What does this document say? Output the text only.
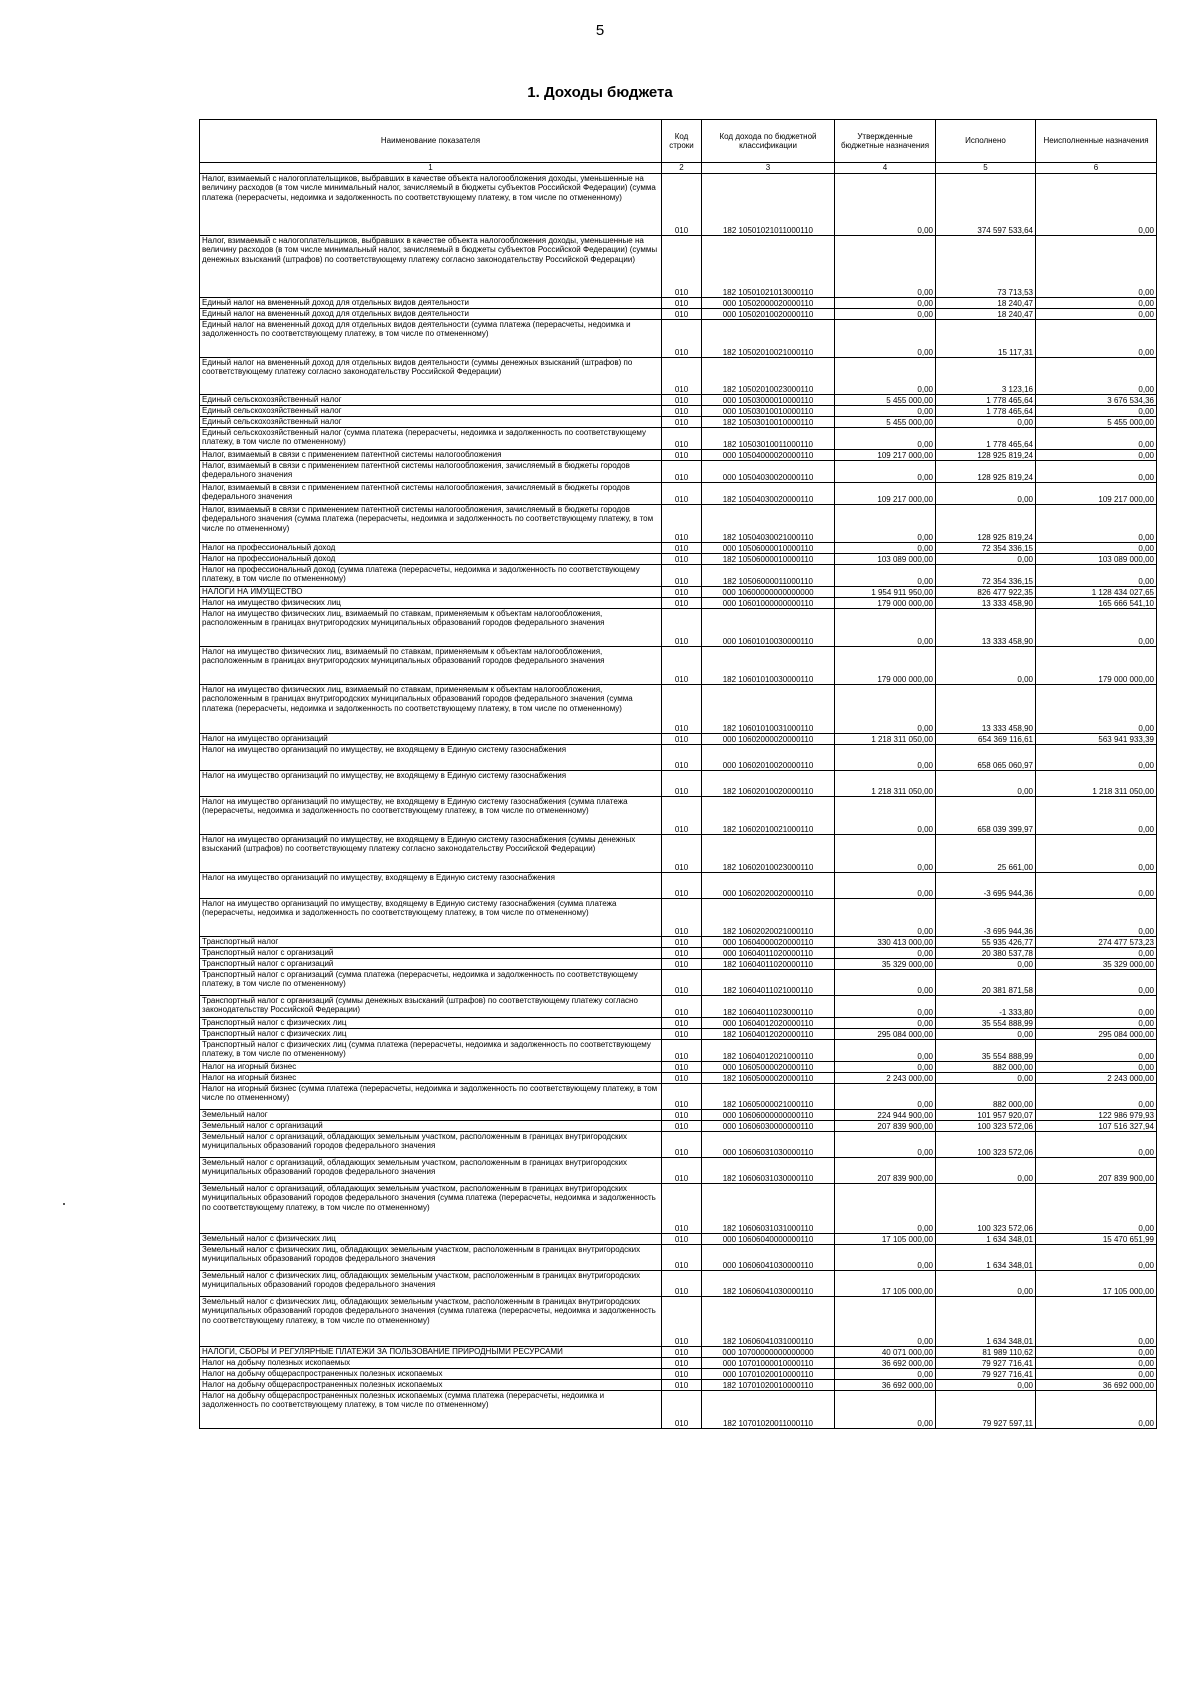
5
1. Доходы бюджета
Наименование показателя	Код строки	Код дохода по бюджетной классификации	Утвержденные бюджетные назначения	Исполнено	Неисполненные назначения
1	2	3	4	5	6
Налог, взимаемый с налогоплательщиков, выбравших в качестве объекта налогообложения доходы, уменьшенные на величину расходов (в том числе минимальный налог, зачисляемый в бюджеты субъектов Российской Федерации) (сумма платежа (перерасчеты, недоимка и задолженность по соответствующему платежу, в том числе по отмененному)	010	182 10501021011000110	0,00	374 597 533,64	0,00
Налог, взимаемый с налогоплательщиков, выбравших в качестве объекта налогообложения доходы, уменьшенные на величину расходов (в том числе минимальный налог, зачисляемый в бюджеты субъектов Российской Федерации) (суммы денежных взысканий (штрафов) по соответствующему платежу согласно законодательству Российской Федерации)	010	182 10501021013000110	0,00	73 713,53	0,00
Единый налог на вмененный доход для отдельных видов деятельности	010	000 10502000020000110	0,00	18 240,47	0,00
Единый налог на вмененный доход для отдельных видов деятельности	010	000 10502010020000110	0,00	18 240,47	0,00
Единый налог на вмененный доход для отдельных видов деятельности (сумма платежа (перерасчеты, недоимка и задолженность по соответствующему платежу, в том числе по отмененному)	010	182 10502010021000110	0,00	15 117,31	0,00
Единый налог на вмененный доход для отдельных видов деятельности (суммы денежных взысканий (штрафов) по соответствующему платежу согласно законодательству Российской Федерации)	010	182 10502010023000110	0,00	3 123,16	0,00
Единый сельскохозяйственный налог	010	000 10503000010000110	5 455 000,00	1 778 465,64	3 676 534,36
Единый сельскохозяйственный налог	010	000 10503010010000110	0,00	1 778 465,64	0,00
Единый сельскохозяйственный налог	010	182 10503010010000110	5 455 000,00	0,00	5 455 000,00
Единый сельскохозяйственный налог (сумма платежа (перерасчеты, недоимка и задолженность по соответствующему платежу, в том числе по отмененному)	010	182 10503010011000110	0,00	1 778 465,64	0,00
Налог, взимаемый в связи с применением патентной системы налогообложения	010	000 10504000020000110	109 217 000,00	128 925 819,24	0,00
Налог, взимаемый в связи с применением патентной системы налогообложения, зачисляемый в бюджеты городов федерального значения	010	000 10504030020000110	0,00	128 925 819,24	0,00
Налог, взимаемый в связи с применением патентной системы налогообложения, зачисляемый в бюджеты городов федерального значения	010	182 10504030020000110	109 217 000,00	0,00	109 217 000,00
Налог, взимаемый в связи с применением патентной системы налогообложения, зачисляемый в бюджеты городов федерального значения (сумма платежа (перерасчеты, недоимка и задолженность по соответствующему платежу, в том числе по отмененному)	010	182 10504030021000110	0,00	128 925 819,24	0,00
Налог на профессиональный доход	010	000 10506000010000110	0,00	72 354 336,15	0,00
Налог на профессиональный доход	010	182 10506000010000110	103 089 000,00	0,00	103 089 000,00
Налог на профессиональный доход (сумма платежа (перерасчеты, недоимка и задолженность по соответствующему платежу, в том числе по отмененному)	010	182 10506000011000110	0,00	72 354 336,15	0,00
НАЛОГИ НА ИМУЩЕСТВО	010	000 10600000000000000	1 954 911 950,00	826 477 922,35	1 128 434 027,65
Налог на имущество физических лиц	010	000 10601000000000110	179 000 000,00	13 333 458,90	165 666 541,10
Налог на имущество физических лиц, взимаемый по ставкам, применяемым к объектам налогообложения, расположенным в границах внутригородских муниципальных образований городов федерального значения	010	000 10601010030000110	0,00	13 333 458,90	0,00
Налог на имущество физических лиц, взимаемый по ставкам, применяемым к объектам налогообложения, расположенным в границах внутригородских муниципальных образований городов федерального значения	010	182 10601010030000110	179 000 000,00	0,00	179 000 000,00
Налог на имущество физических лиц, взимаемый по ставкам, применяемым к объектам налогообложения, расположенным в границах внутригородских муниципальных образований городов федерального значения (сумма платежа (перерасчеты, недоимка и задолженность по соответствующему платежу, в том числе по отмененному)	010	182 10601010031000110	0,00	13 333 458,90	0,00
Налог на имущество организаций	010	000 10602000020000110	1 218 311 050,00	654 369 116,61	563 941 933,39
Налог на имущество организаций по имуществу, не входящему в Единую систему газоснабжения	010	000 10602010020000110	0,00	658 065 060,97	0,00
Налог на имущество организаций по имуществу, не входящему в Единую систему газоснабжения	010	182 10602010020000110	1 218 311 050,00	0,00	1 218 311 050,00
Налог на имущество организаций по имуществу, не входящему в Единую систему газоснабжения (сумма платежа (перерасчеты, недоимка и задолженность по соответствующему платежу, в том числе по отмененному)	010	182 10602010021000110	0,00	658 039 399,97	0,00
Налог на имущество организаций по имуществу, не входящему в Единую систему газоснабжения (суммы денежных взысканий (штрафов) по соответствующему платежу согласно законодательству Российской Федерации)	010	182 10602010023000110	0,00	25 661,00	0,00
Налог на имущество организаций по имуществу, входящему в Единую систему газоснабжения	010	000 10602020020000110	0,00	-3 695 944,36	0,00
Налог на имущество организаций по имуществу, входящему в Единую систему газоснабжения (сумма платежа (перерасчеты, недоимка и задолженность по соответствующему платежу, в том числе по отмененному)	010	182 10602020021000110	0,00	-3 695 944,36	0,00
Транспортный налог	010	000 10604000020000110	330 413 000,00	55 935 426,77	274 477 573,23
Транспортный налог с организаций	010	000 10604011020000110	0,00	20 380 537,78	0,00
Транспортный налог с организаций	010	182 10604011020000110	35 329 000,00	0,00	35 329 000,00
Транспортный налог с организаций (сумма платежа (перерасчеты, недоимка и задолженность по соответствующему платежу, в том числе по отмененному)	010	182 10604011021000110	0,00	20 381 871,58	0,00
Транспортный налог с организаций (суммы денежных взысканий (штрафов) по соответствующему платежу согласно законодательству Российской Федерации)	010	182 10604011023000110	0,00	-1 333,80	0,00
Транспортный налог с физических лиц	010	000 10604012020000110	0,00	35 554 888,99	0,00
Транспортный налог с физических лиц	010	182 10604012020000110	295 084 000,00	0,00	295 084 000,00
Транспортный налог с физических лиц (сумма платежа (перерасчеты, недоимка и задолженность по соответствующему платежу, в том числе по отмененному)	010	182 10604012021000110	0,00	35 554 888,99	0,00
Налог на игорный бизнес	010	000 10605000020000110	0,00	882 000,00	0,00
Налог на игорный бизнес	010	182 10605000020000110	2 243 000,00	0,00	2 243 000,00
Налог на игорный бизнес (сумма платежа (перерасчеты, недоимка и задолженность по соответствующему платежу, в том числе по отмененному)	010	182 10605000021000110	0,00	882 000,00	0,00
Земельный налог	010	000 10606000000000110	224 944 900,00	101 957 920,07	122 986 979,93
Земельный налог с организаций	010	000 10606030000000110	207 839 900,00	100 323 572,06	107 516 327,94
Земельный налог с организаций, обладающих земельным участком, расположенным в границах внутригородских муниципальных образований городов федерального значения	010	000 10606031030000110	0,00	100 323 572,06	0,00
Земельный налог с организаций, обладающих земельным участком, расположенным в границах внутригородских муниципальных образований городов федерального значения	010	182 10606031030000110	207 839 900,00	0,00	207 839 900,00
Земельный налог с организаций, обладающих земельным участком, расположенным в границах внутригородских муниципальных образований городов федерального значения (сумма платежа (перерасчеты, недоимка и задолженность по соответствующему платежу, в том числе по отмененному)	010	182 10606031031000110	0,00	100 323 572,06	0,00
Земельный налог с физических лиц	010	000 10606040000000110	17 105 000,00	1 634 348,01	15 470 651,99
Земельный налог с физических лиц, обладающих земельным участком, расположенным в границах внутригородских муниципальных образований городов федерального значения	010	000 10606041030000110	0,00	1 634 348,01	0,00
Земельный налог с физических лиц, обладающих земельным участком, расположенным в границах внутригородских муниципальных образований городов федерального значения	010	182 10606041030000110	17 105 000,00	0,00	17 105 000,00
Земельный налог с физических лиц, обладающих земельным участком, расположенным в границах внутригородских муниципальных образований городов федерального значения (сумма платежа (перерасчеты, недоимка и задолженность по соответствующему платежу, в том числе по отмененному)	010	182 10606041031000110	0,00	1 634 348,01	0,00
НАЛОГИ, СБОРЫ И РЕГУЛЯРНЫЕ ПЛАТЕЖИ ЗА ПОЛЬЗОВАНИЕ ПРИРОДНЫМИ РЕСУРСАМИ	010	000 10700000000000000	40 071 000,00	81 989 110,62	0,00
Налог на добычу полезных ископаемых	010	000 10701000010000110	36 692 000,00	79 927 716,41	0,00
Налог на добычу общераспространенных полезных ископаемых	010	000 10701020010000110	0,00	79 927 716,41	0,00
Налог на добычу общераспространенных полезных ископаемых	010	182 10701020010000110	36 692 000,00	0,00	36 692 000,00
Налог на добычу общераспространенных полезных ископаемых (сумма платежа (перерасчеты, недоимка и задолженность по соответствующему платежу, в том числе по отмененному)	010	182 10701020011000110	0,00	79 927 597,11	0,00
